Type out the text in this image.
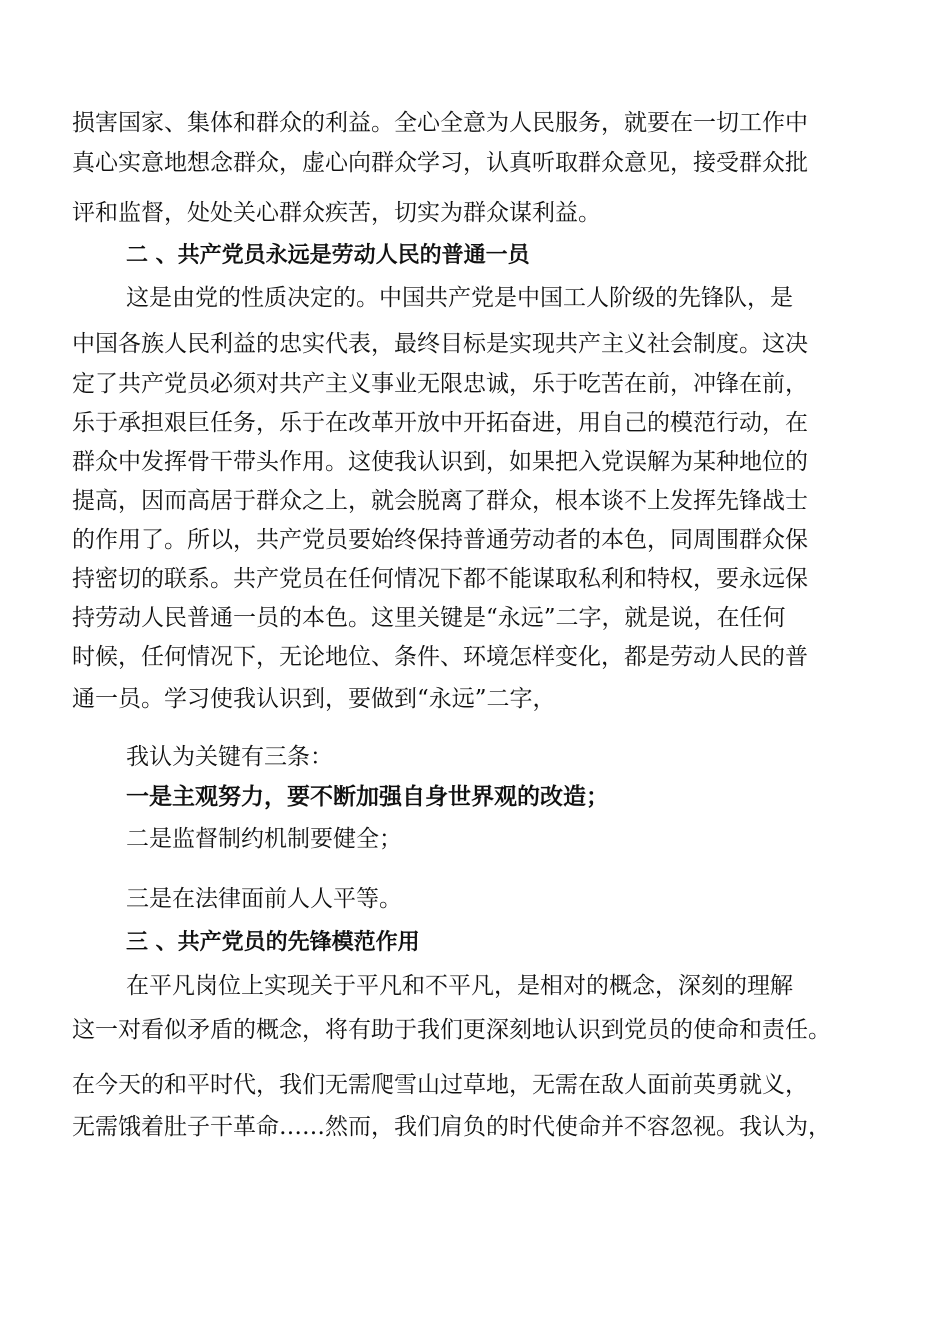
损害国家、集体和群众的利益。全心全意为人民服务，就要在一切工作中
真心实意地想念群众，虚心向群众学习，认真听取群众意见，接受群众批
评和监督，处处关心群众疾苦，切实为群众谋利益。
二 、共产党员永远是劳动人民的普通一员
这是由党的性质决定的。中国共产党是中国工人阶级的先锋队，是
中国各族人民利益的忠实代表，最终目标是实现共产主义社会制度。这决
定了共产党员必须对共产主义事业无限忠诚，乐于吃苦在前，冲锋在前，
乐于承担艰巨任务，乐于在改革开放中开拓奋进，用自己的模范行动，在
群众中发挥骨干带头作用。这使我认识到，如果把入党误解为某种地位的
提高，因而高居于群众之上，就会脱离了群众，根本谈不上发挥先锋战士
的作用了。所以，共产党员要始终保持普通劳动者的本色，同周围群众保
持密切的联系。共产党员在任何情况下都不能谋取私利和特权，要永远保
持劳动人民普通一员的本色。这里关键是“永远”二字，就是说，在任何
时候，任何情况下，无论地位、条件、环境怎样变化，都是劳动人民的普
通一员。学习使我认识到，要做到“永远”二字，
我认为关键有三条：
一是主观努力，要不断加强自身世界观的改造；
二是监督制约机制要健全；
三是在法律面前人人平等。
三 、共产党员的先锋模范作用
在平凡岗位上实现关于平凡和不平凡，是相对的概念，深刻的理解
这一对看似矛盾的概念，将有助于我们更深刻地认识到党员的使命和责任。
在今天的和平时代，我们无需爬雪山过草地，无需在敌人面前英勇就义，
无需饿着肚子干革命……然而，我们肩负的时代使命并不容忽视。我认为，
